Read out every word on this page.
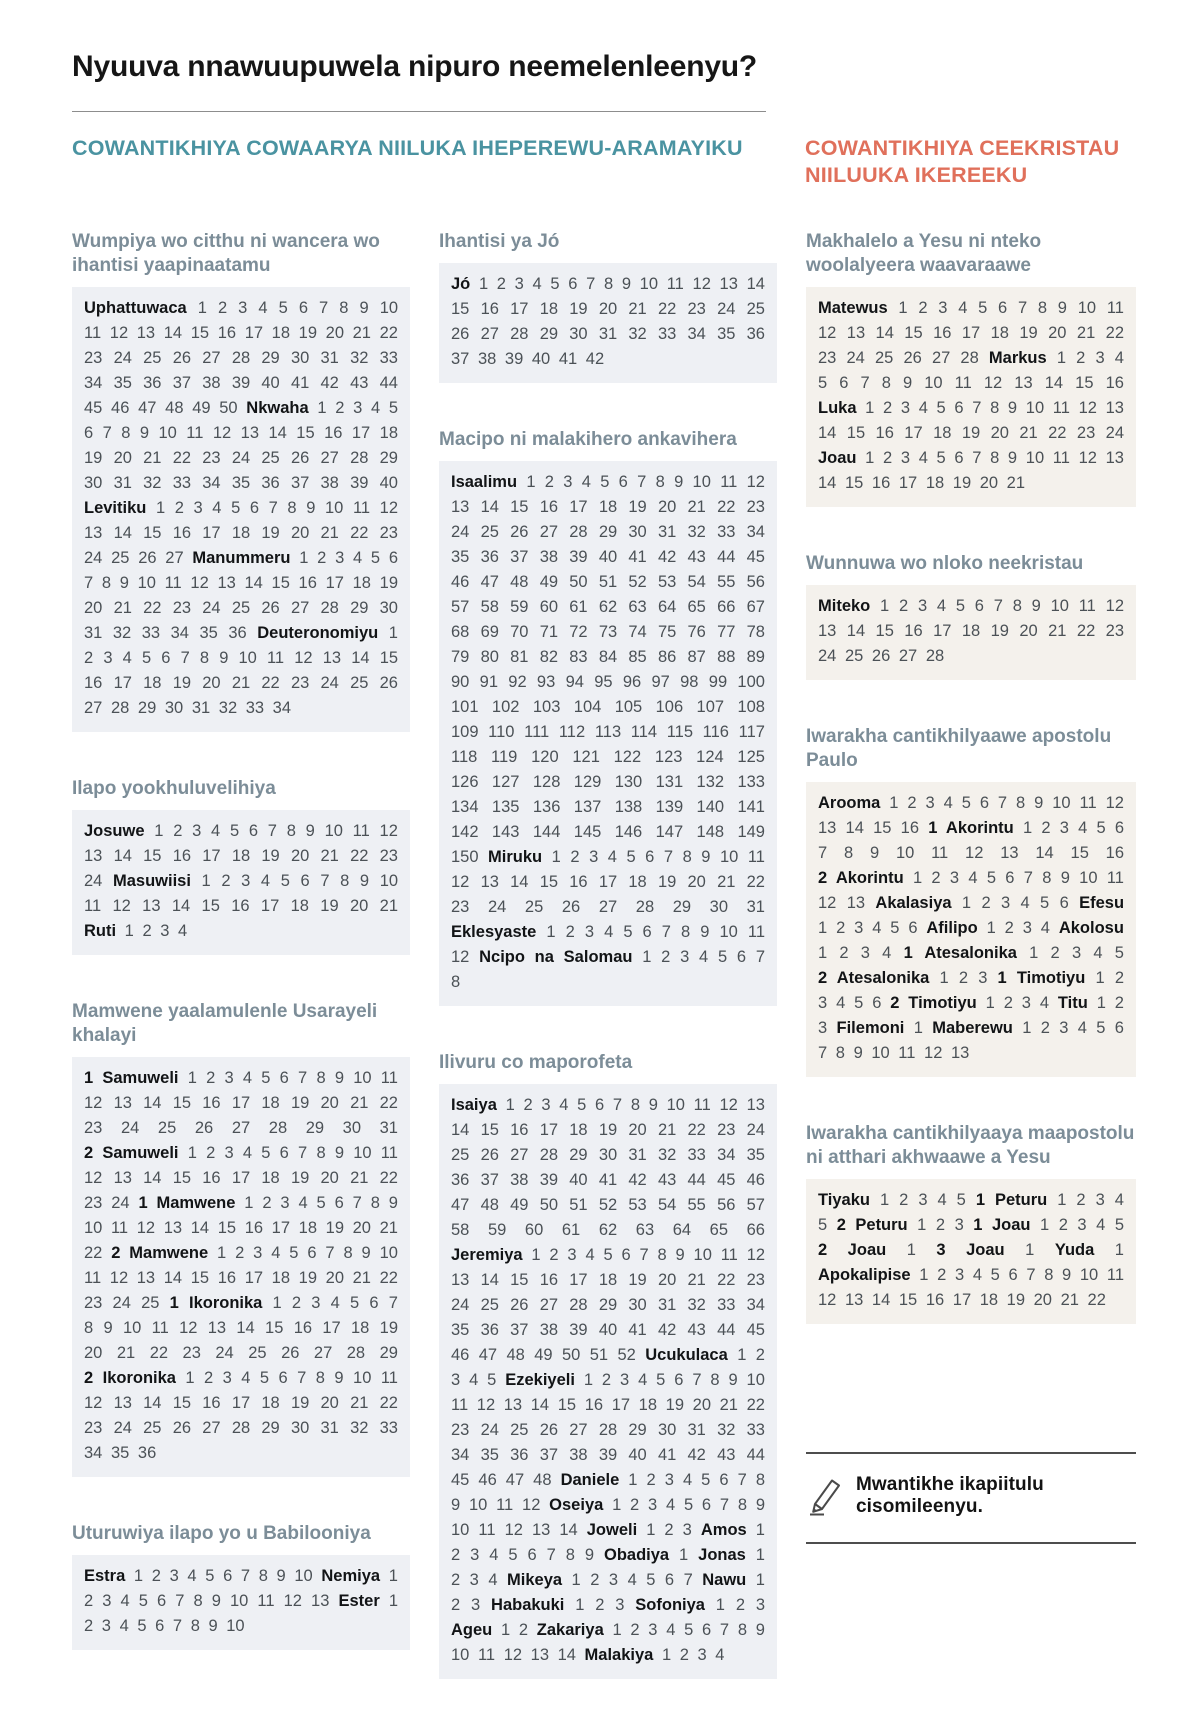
Nyuuva nnawuupuwela nipuro neemelenleenyu?
COWANTIKHIYA COWAARYA NIILUKA IHEPEREWU-ARAMAYIKU	COWANTIKHIYA CEEKRISTAU NIILUUKA IKEREEKU
Wumpiya wo citthu ni wancera wo ihantisi yaapinaatamu
Uphattuwaca 1 2 3 4 5 6 7 8 9 10 11 12 13 14 15 16 17 18 19 20 21 22 23 24 25 26 27 28 29 30 31 32 33 34 35 36 37 38 39 40 41 42 43 44 45 46 47 48 49 50 Nkwaha 1 2 3 4 5 6 7 8 9 10 11 12 13 14 15 16 17 18 19 20 21 22 23 24 25 26 27 28 29 30 31 32 33 34 35 36 37 38 39 40 Levitiku 1 2 3 4 5 6 7 8 9 10 11 12 13 14 15 16 17 18 19 20 21 22 23 24 25 26 27 Manummeru 1 2 3 4 5 6 7 8 9 10 11 12 13 14 15 16 17 18 19 20 21 22 23 24 25 26 27 28 29 30 31 32 33 34 35 36 Deuteronomiyu 1 2 3 4 5 6 7 8 9 10 11 12 13 14 15 16 17 18 19 20 21 22 23 24 25 26 27 28 29 30 31 32 33 34
Ilapo yookhuluvelihiya
Josuwe 1 2 3 4 5 6 7 8 9 10 11 12 13 14 15 16 17 18 19 20 21 22 23 24 Masuwiisi 1 2 3 4 5 6 7 8 9 10 11 12 13 14 15 16 17 18 19 20 21 Ruti 1 2 3 4
Mamwene yaalamulenle Usarayeli khalayi
1 Samuweli 1 2 3 4 5 6 7 8 9 10 11 12 13 14 15 16 17 18 19 20 21 22 23 24 25 26 27 28 29 30 31 2 Samuweli 1 2 3 4 5 6 7 8 9 10 11 12 13 14 15 16 17 18 19 20 21 22 23 24 1 Mamwene 1 2 3 4 5 6 7 8 9 10 11 12 13 14 15 16 17 18 19 20 21 22 2 Mamwene 1 2 3 4 5 6 7 8 9 10 11 12 13 14 15 16 17 18 19 20 21 22 23 24 25 1 Ikoronika 1 2 3 4 5 6 7 8 9 10 11 12 13 14 15 16 17 18 19 20 21 22 23 24 25 26 27 28 29 2 Ikoronika 1 2 3 4 5 6 7 8 9 10 11 12 13 14 15 16 17 18 19 20 21 22 23 24 25 26 27 28 29 30 31 32 33 34 35 36
Uturuwiya ilapo yo u Babilooniya
Estra 1 2 3 4 5 6 7 8 9 10 Nemiya 1 2 3 4 5 6 7 8 9 10 11 12 13 Ester 1 2 3 4 5 6 7 8 9 10
Ihantisi ya Jó
Jó 1 2 3 4 5 6 7 8 9 10 11 12 13 14 15 16 17 18 19 20 21 22 23 24 25 26 27 28 29 30 31 32 33 34 35 36 37 38 39 40 41 42
Macipo ni malakihero ankavihera
Isaalimu 1 2 3 4 5 6 7 8 9 10 11 12 13 14 15 16 17 18 19 20 21 22 23 24 25 26 27 28 29 30 31 32 33 34 35 36 37 38 39 40 41 42 43 44 45 46 47 48 49 50 51 52 53 54 55 56 57 58 59 60 61 62 63 64 65 66 67 68 69 70 71 72 73 74 75 76 77 78 79 80 81 82 83 84 85 86 87 88 89 90 91 92 93 94 95 96 97 98 99 100 101 102 103 104 105 106 107 108 109 110 111 112 113 114 115 116 117 118 119 120 121 122 123 124 125 126 127 128 129 130 131 132 133 134 135 136 137 138 139 140 141 142 143 144 145 146 147 148 149 150 Miruku 1 2 3 4 5 6 7 8 9 10 11 12 13 14 15 16 17 18 19 20 21 22 23 24 25 26 27 28 29 30 31 Eklesyaste 1 2 3 4 5 6 7 8 9 10 11 12 Ncipo na Salomau 1 2 3 4 5 6 7 8
Ilivuru co maporofeta
Isaiya 1 2 3 4 5 6 7 8 9 10 11 12 13 14 15 16 17 18 19 20 21 22 23 24 25 26 27 28 29 30 31 32 33 34 35 36 37 38 39 40 41 42 43 44 45 46 47 48 49 50 51 52 53 54 55 56 57 58 59 60 61 62 63 64 65 66 Jeremiya 1 2 3 4 5 6 7 8 9 10 11 12 13 14 15 16 17 18 19 20 21 22 23 24 25 26 27 28 29 30 31 32 33 34 35 36 37 38 39 40 41 42 43 44 45 46 47 48 49 50 51 52 Ucukulaca 1 2 3 4 5 Ezekiyeli 1 2 3 4 5 6 7 8 9 10 11 12 13 14 15 16 17 18 19 20 21 22 23 24 25 26 27 28 29 30 31 32 33 34 35 36 37 38 39 40 41 42 43 44 45 46 47 48 Daniele 1 2 3 4 5 6 7 8 9 10 11 12 Oseiya 1 2 3 4 5 6 7 8 9 10 11 12 13 14 Joweli 1 2 3 Amos 1 2 3 4 5 6 7 8 9 Obadiya 1 Jonas 1 2 3 4 Mikeya 1 2 3 4 5 6 7 Nawu 1 2 3 Habakuki 1 2 3 Sofoniya 1 2 3 Ageu 1 2 Zakariya 1 2 3 4 5 6 7 8 9 10 11 12 13 14 Malakiya 1 2 3 4
Makhalelo a Yesu ni nteko woolalyeera waavaraawe
Matewus 1 2 3 4 5 6 7 8 9 10 11 12 13 14 15 16 17 18 19 20 21 22 23 24 25 26 27 28 Markus 1 2 3 4 5 6 7 8 9 10 11 12 13 14 15 16 Luka 1 2 3 4 5 6 7 8 9 10 11 12 13 14 15 16 17 18 19 20 21 22 23 24 Joau 1 2 3 4 5 6 7 8 9 10 11 12 13 14 15 16 17 18 19 20 21
Wunnuwa wo nloko neekristau
Miteko 1 2 3 4 5 6 7 8 9 10 11 12 13 14 15 16 17 18 19 20 21 22 23 24 25 26 27 28
Iwarakha cantikhilyaawe apostolu Paulo
Arooma 1 2 3 4 5 6 7 8 9 10 11 12 13 14 15 16 1 Akorintu 1 2 3 4 5 6 7 8 9 10 11 12 13 14 15 16 2 Akorintu 1 2 3 4 5 6 7 8 9 10 11 12 13 Akalasiya 1 2 3 4 5 6 Efesu 1 2 3 4 5 6 Afilipo 1 2 3 4 Akolosu 1 2 3 4 1 Atesalonika 1 2 3 4 5 2 Atesalonika 1 2 3 1 Timotiyu 1 2 3 4 5 6 2 Timotiyu 1 2 3 4 Titu 1 2 3 Filemoni 1 Maberewu 1 2 3 4 5 6 7 8 9 10 11 12 13
Iwarakha cantikhilyaaya maapostolu ni atthari akhwaawe a Yesu
Tiyaku 1 2 3 4 5 1 Peturu 1 2 3 4 5 2 Peturu 1 2 3 1 Joau 1 2 3 4 5 2 Joau 1 3 Joau 1 Yuda 1 Apokalipise 1 2 3 4 5 6 7 8 9 10 11 12 13 14 15 16 17 18 19 20 21 22
Mwantikhe ikapiitulu cisomileenyu.
